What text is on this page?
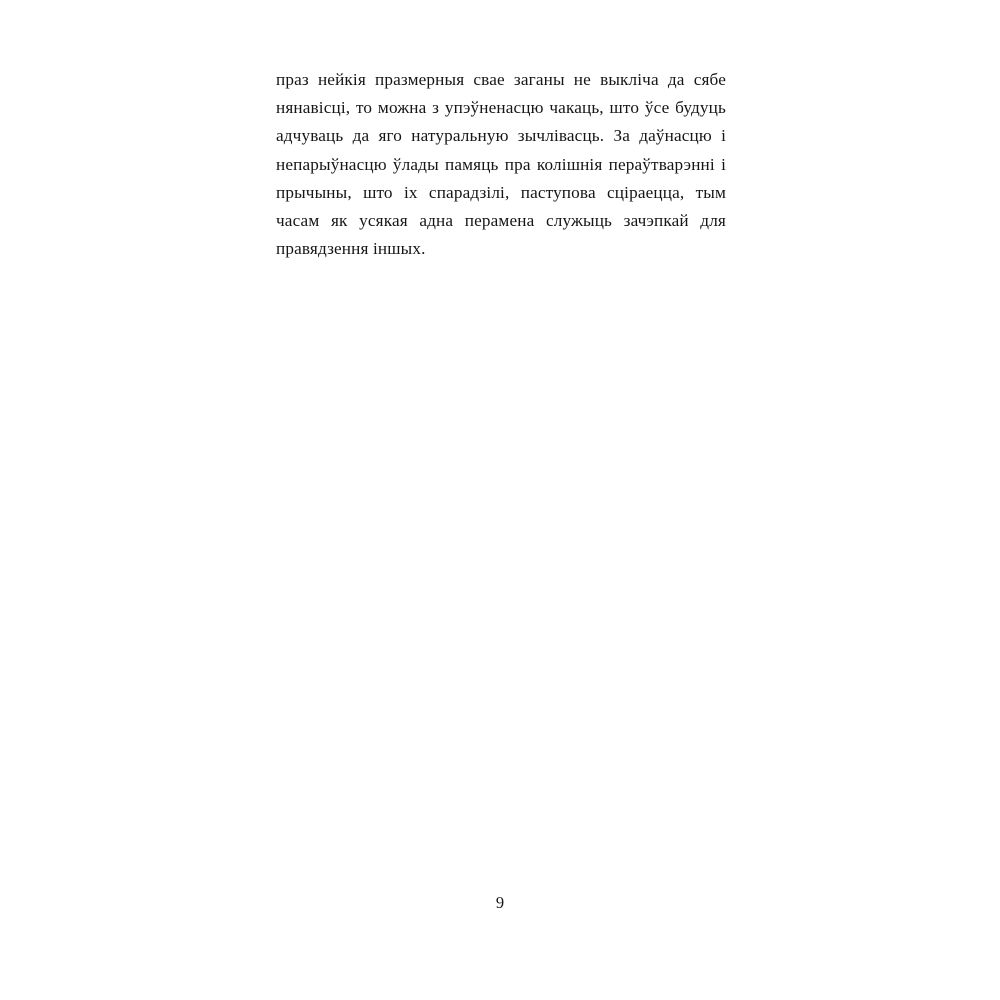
праз нейкія празмерныя свае заганы не выкліча да сябе нянавісці, то можна з упэўненасцю чакаць, што ўсе будуць адчуваць да яго натуральную зычлівасць. За даўнасцю і непарыўнасцю ўлады памяць пра колішнія пераўтварэнні і прычыны, што іх спарадзілі, паступова сціраецца, тым часам як усякая адна перамена служыць зачэпкай для правядзення іншых.

9
